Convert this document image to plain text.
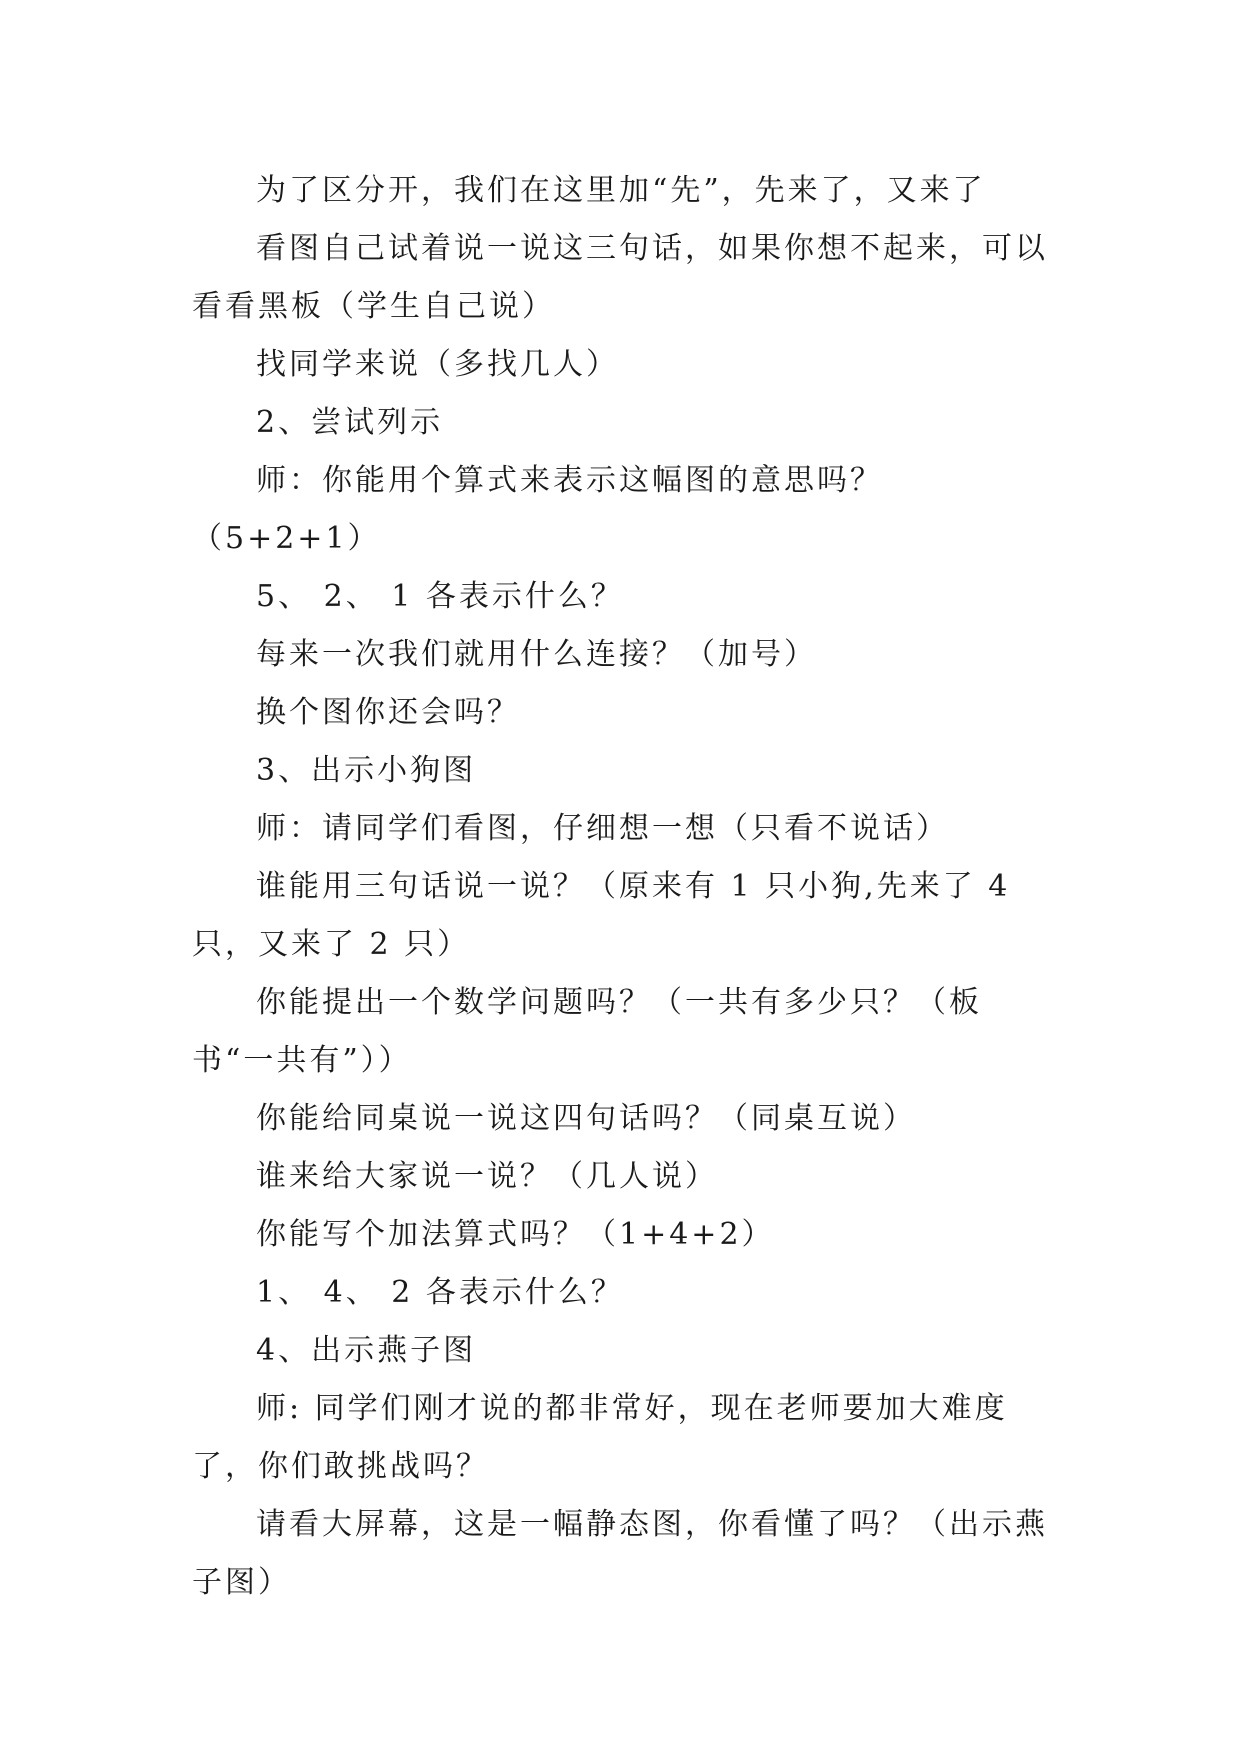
为了区分开，我们在这里加“先”，先来了，又来了

看图自己试着说一说这三句话，如果你想不起来，可以看看黑板（学生自己说）

找同学来说（多找几人）

2、尝试列示

师：你能用个算式来表示这幅图的意思吗？（5+2+1）

5、 2、 1 各表示什么？

每来一次我们就用什么连接？（加号）

换个图你还会吗？

3、出示小狗图

师：请同学们看图，仔细想一想（只看不说话）

谁能用三句话说一说？（原来有 1 只小狗,先来了 4 只，又来了 2 只）

你能提出一个数学问题吗？（一共有多少只？（板书“一共有”））

你能给同桌说一说这四句话吗？（同桌互说）

谁来给大家说一说？（几人说）

你能写个加法算式吗？（1+4+2）

1、 4、 2 各表示什么？

4、出示燕子图

师: 同学们刚才说的都非常好，现在老师要加大难度了，你们敢挑战吗？

请看大屏幕，这是一幅静态图，你看懂了吗？（出示燕子图）
